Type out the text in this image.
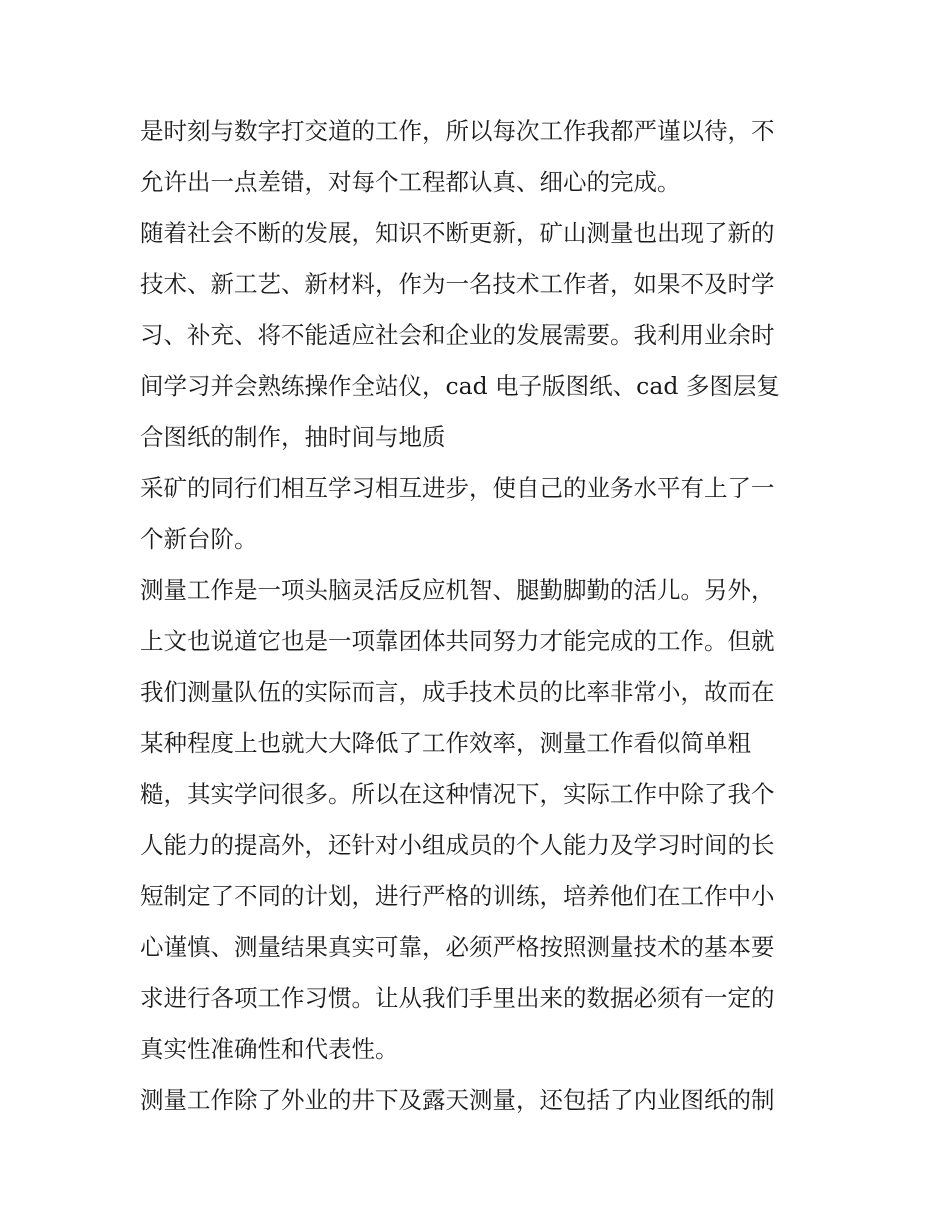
是时刻与数字打交道的工作，所以每次工作我都严谨以待，不
允许出一点差错，对每个工程都认真、细心的完成。
随着社会不断的发展，知识不断更新，矿山测量也出现了新的
技术、新工艺、新材料，作为一名技术工作者，如果不及时学
习、补充、将不能适应社会和企业的发展需要。我利用业余时
间学习并会熟练操作全站仪，cad 电子版图纸、cad 多图层复
合图纸的制作，抽时间与地质
采矿的同行们相互学习相互进步，使自己的业务水平有上了一
个新台阶。
测量工作是一项头脑灵活反应机智、腿勤脚勤的活儿。另外，
上文也说道它也是一项靠团体共同努力才能完成的工作。但就
我们测量队伍的实际而言，成手技术员的比率非常小，故而在
某种程度上也就大大降低了工作效率，测量工作看似简单粗
糙，其实学问很多。所以在这种情况下，实际工作中除了我个
人能力的提高外，还针对小组成员的个人能力及学习时间的长
短制定了不同的计划，进行严格的训练，培养他们在工作中小
心谨慎、测量结果真实可靠，必须严格按照测量技术的基本要
求进行各项工作习惯。让从我们手里出来的数据必须有一定的
真实性准确性和代表性。
测量工作除了外业的井下及露天测量，还包括了内业图纸的制
